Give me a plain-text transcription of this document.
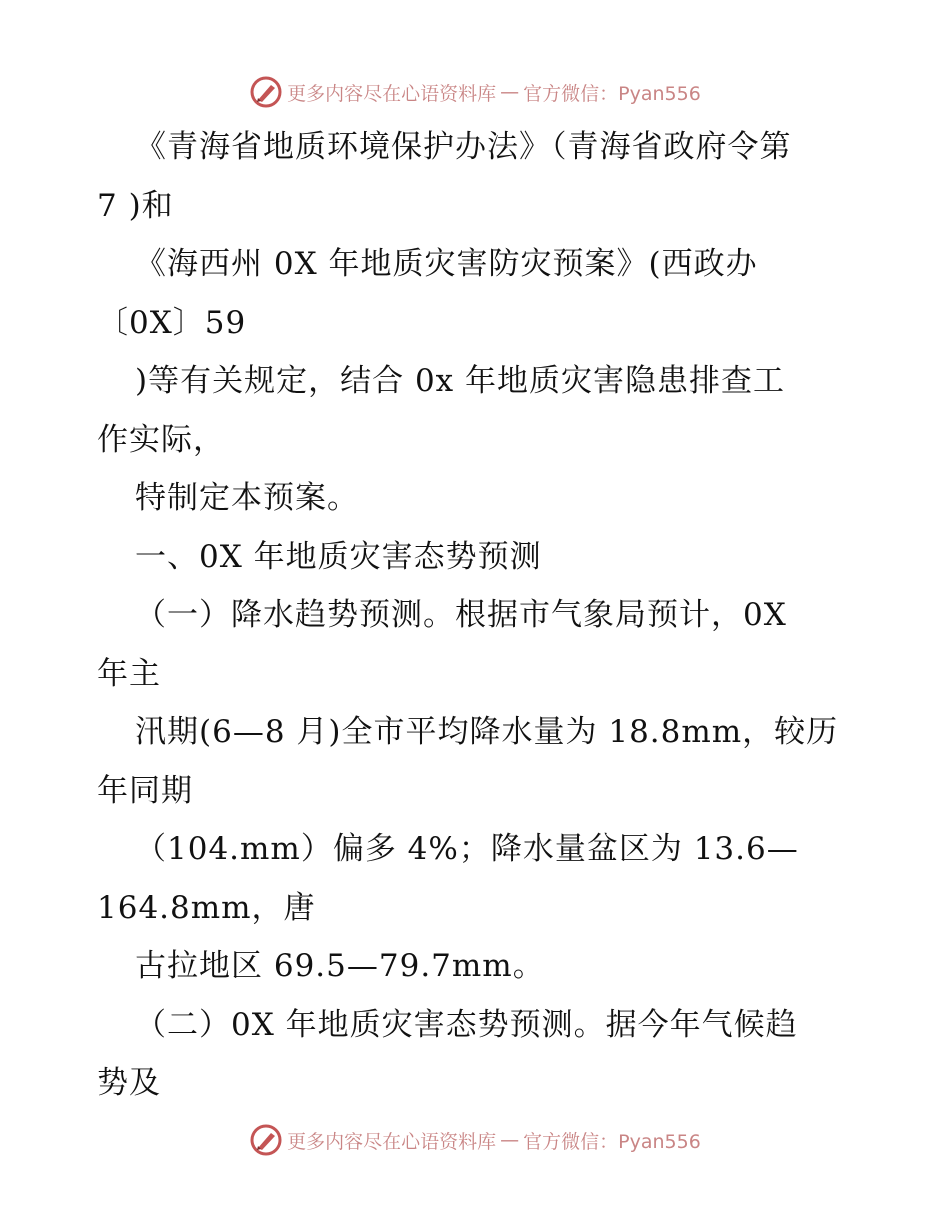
更多内容尽在心语资料库 — 官方微信：Pyan556
《青海省地质环境保护办法》（青海省政府令第
7 )和
《海西州 0X 年地质灾害防灾预案》(西政办
〔0X〕59
)等有关规定，结合 0x 年地质灾害隐患排查工
作实际，
特制定本预案。
一、0X 年地质灾害态势预测
（一）降水趋势预测。根据市气象局预计，0X
年主
汛期(6—8 月)全市平均降水量为 18.8mm，较历
年同期
（104.mm）偏多 4%；降水量盆区为 13.6—
164.8mm，唐
古拉地区 69.5—79.7mm。
（二）0X 年地质灾害态势预测。据今年气候趋
势及
更多内容尽在心语资料库 — 官方微信：Pyan556
